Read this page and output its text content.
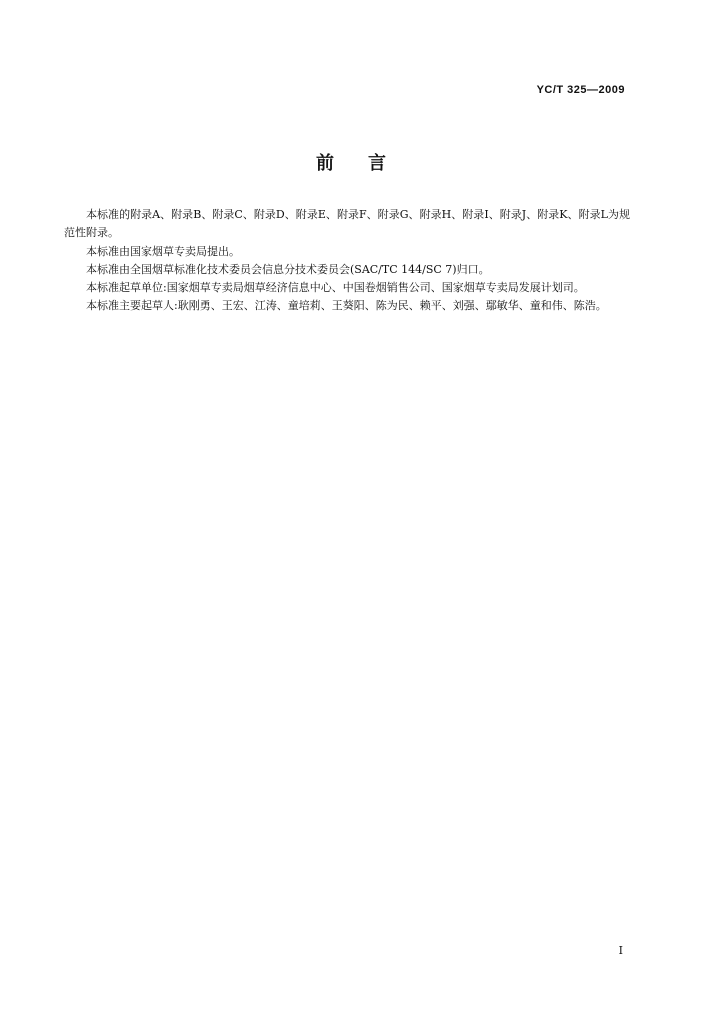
YC/T 325—2009
前言

本标准的附录A、附录B、附录C、附录D、附录E、附录F、附录G、附录H、附录I、附录J、附录K、附录L为规范性附录。

本标准由国家烟草专卖局提出。

本标准由全国烟草标准化技术委员会信息分技术委员会(SAC/TC 144/SC 7)归口。

本标准起草单位:国家烟草专卖局烟草经济信息中心、中国卷烟销售公司、国家烟草专卖局发展计划司。

本标准主要起草人:耿刚勇、王宏、江涛、童培莉、王葵阳、陈为民、赖平、刘强、鄢敏华、童和伟、陈浩。

I
